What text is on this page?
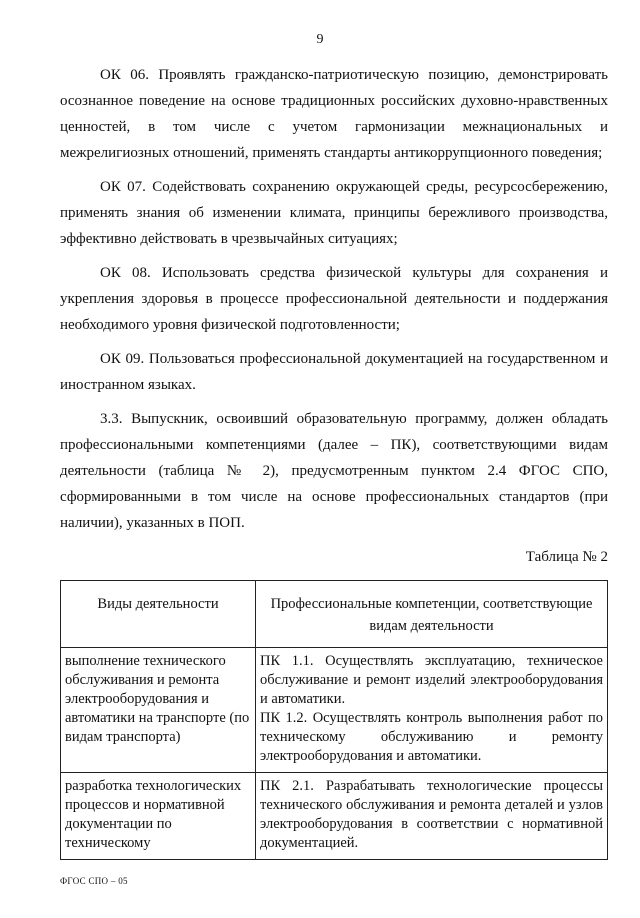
9

ОК 06. Проявлять гражданско-патриотическую позицию, демонстрировать осознанное поведение на основе традиционных российских духовно-нравственных ценностей, в том числе с учетом гармонизации межнациональных и межрелигиозных отношений, применять стандарты антикоррупционного поведения;

ОК 07. Содействовать сохранению окружающей среды, ресурсосбережению, применять знания об изменении климата, принципы бережливого производства, эффективно действовать в чрезвычайных ситуациях;

ОК 08. Использовать средства физической культуры для сохранения и укрепления здоровья в процессе профессиональной деятельности и поддержания необходимого уровня физической подготовленности;

ОК 09. Пользоваться профессиональной документацией на государственном и иностранном языках.

3.3. Выпускник, освоивший образовательную программу, должен обладать профессиональными компетенциями (далее – ПК), соответствующими видам деятельности (таблица № 2), предусмотренным пунктом 2.4 ФГОС СПО, сформированными в том числе на основе профессиональных стандартов (при наличии), указанных в ПОП.

Таблица № 2
Виды деятельности	Профессиональные компетенции, соответствующие видам деятельности
выполнение технического обслуживания и ремонта электрооборудования и автоматики на транспорте (по видам транспорта)	ПК 1.1. Осуществлять эксплуатацию, техническое обслуживание и ремонт изделий электрооборудования и автоматики.
ПК 1.2. Осуществлять контроль выполнения работ по техническому обслуживанию и ремонту электрооборудования и автоматики.

разработка технологических процессов и нормативной документации по техническому	ПК 2.1. Разрабатывать технологические процессы технического обслуживания и ремонта деталей и узлов электрооборудования в соответствии с нормативной документацией.
ФГОС СПО – 05
